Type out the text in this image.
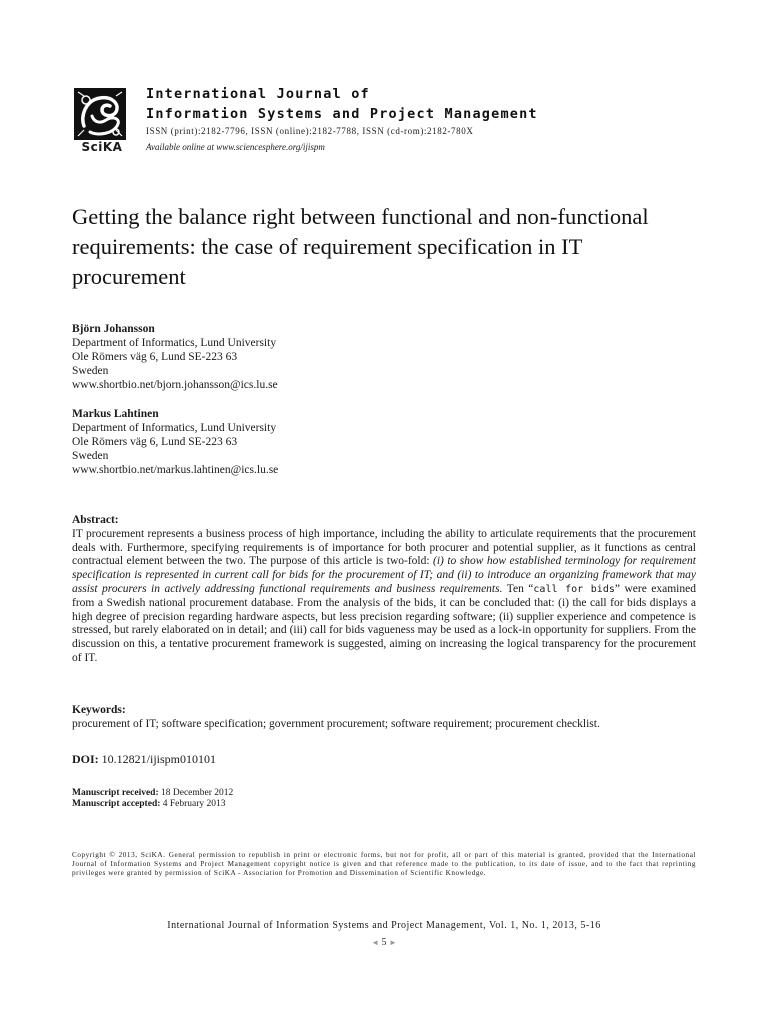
SciKA
International Journal of
Information Systems and Project Management
ISSN (print):2182-7796, ISSN (online):2182-7788, ISSN (cd-rom):2182-780X
Available online at www.sciencesphere.org/ijispm
Getting the balance right between functional and non-functional requirements: the case of requirement specification in IT procurement
Björn Johansson
Department of Informatics, Lund University
Ole Römers väg 6, Lund SE-223 63
Sweden
www.shortbio.net/bjorn.johansson@ics.lu.se
Markus Lahtinen
Department of Informatics, Lund University
Ole Römers väg 6, Lund SE-223 63
Sweden
www.shortbio.net/markus.lahtinen@ics.lu.se
Abstract:
IT procurement represents a business process of high importance, including the ability to articulate requirements that the procurement deals with. Furthermore, specifying requirements is of importance for both procurer and potential supplier, as it functions as central contractual element between the two. The purpose of this article is two-fold: (i) to show how established terminology for requirement specification is represented in current call for bids for the procurement of IT; and (ii) to introduce an organizing framework that may assist procurers in actively addressing functional requirements and business requirements. Ten “call for bids” were examined from a Swedish national procurement database. From the analysis of the bids, it can be concluded that: (i) the call for bids displays a high degree of precision regarding hardware aspects, but less precision regarding software; (ii) supplier experience and competence is stressed, but rarely elaborated on in detail; and (iii) call for bids vagueness may be used as a lock-in opportunity for suppliers. From the discussion on this, a tentative procurement framework is suggested, aiming on increasing the logical transparency for the procurement of IT.
Keywords:
procurement of IT; software specification; government procurement; software requirement; procurement checklist.
DOI: 10.12821/ijispm010101
Manuscript received: 18 December 2012
Manuscript accepted: 4 February 2013
Copyright © 2013, SciKA. General permission to republish in print or electronic forms, but not for profit, all or part of this material is granted, provided that the International Journal of Information Systems and Project Management copyright notice is given and that reference made to the publication, to its date of issue, and to the fact that reprinting privileges were granted by permission of SciKA - Association for Promotion and Dissemination of Scientific Knowledge.
International Journal of Information Systems and Project Management, Vol. 1, No. 1, 2013, 5-16
◄ 5 ►
